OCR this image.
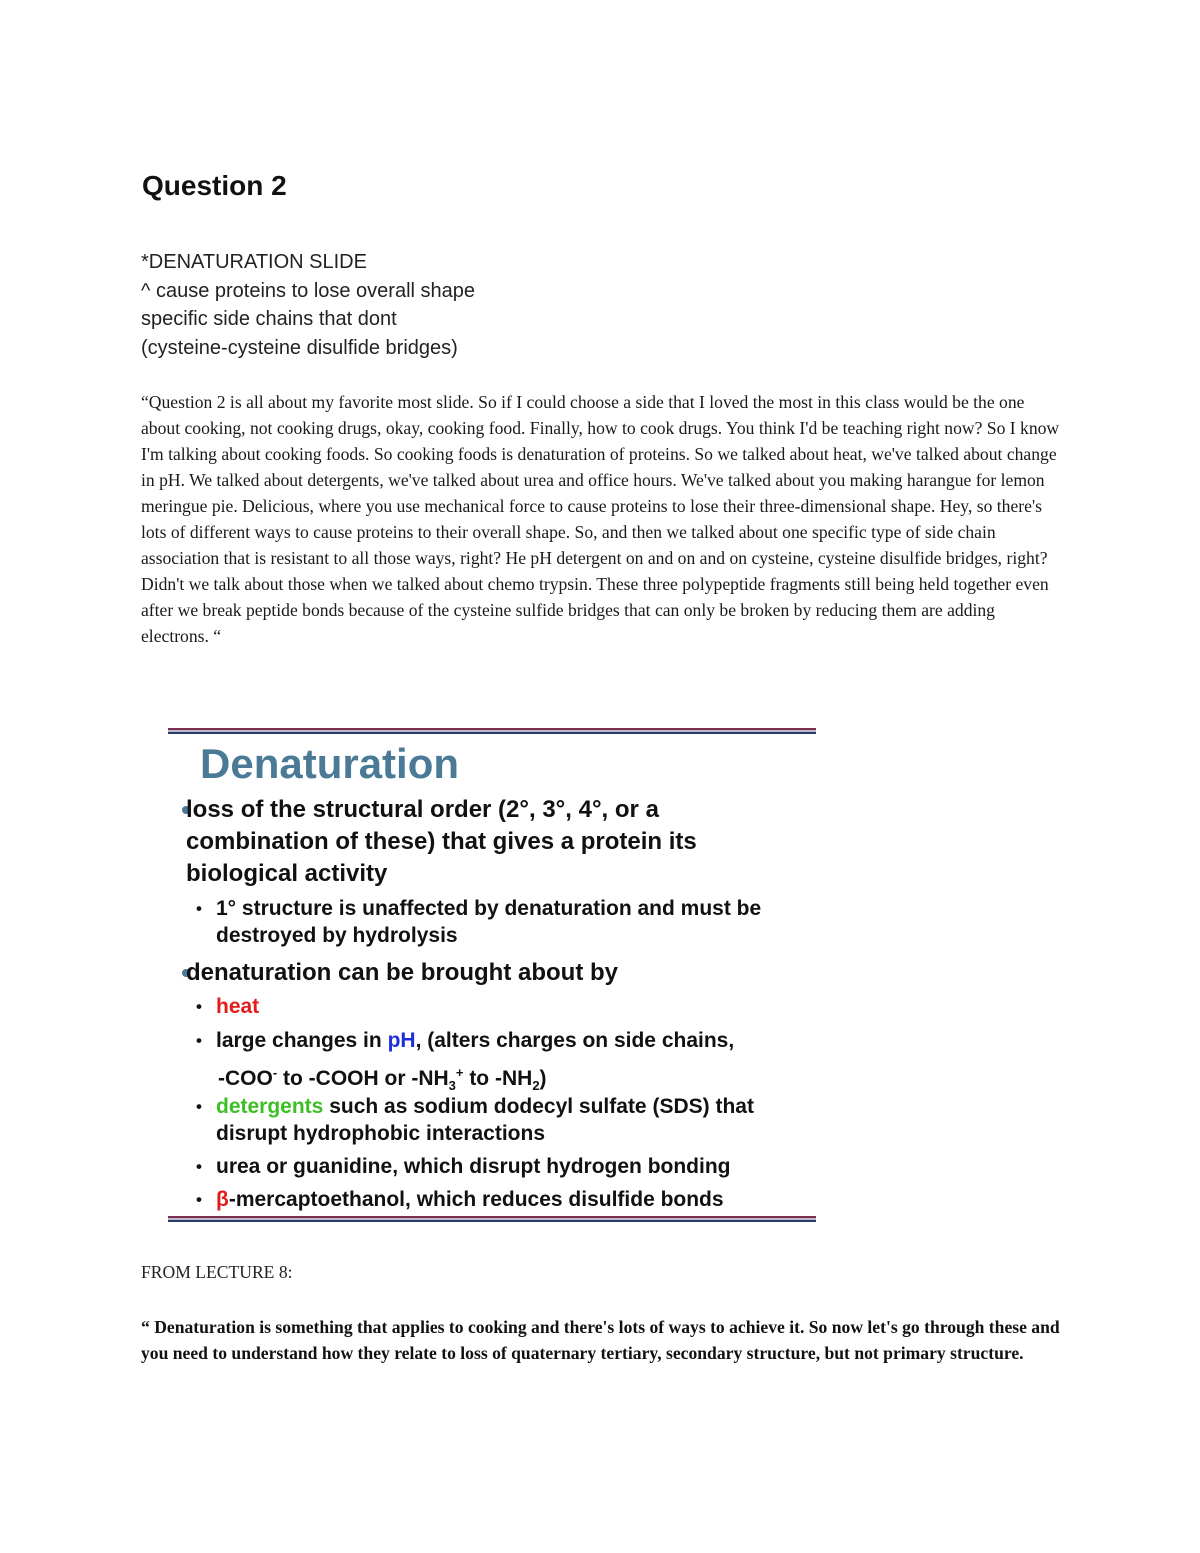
Question 2
*DENATURATION SLIDE
^ cause proteins to lose overall shape
specific side chains that dont
(cysteine-cysteine disulfide bridges)

“Question 2 is all about my favorite most slide. So if I could choose a side that I loved the most in this class would be the one about cooking, not cooking drugs, okay, cooking food. Finally, how to cook drugs. You think I'd be teaching right now? So I know I'm talking about cooking foods. So cooking foods is denaturation of proteins. So we talked about heat, we've talked about change in pH. We talked about detergents, we've talked about urea and office hours. We've talked about you making harangue for lemon meringue pie. Delicious, where you use mechanical force to cause proteins to lose their three-dimensional shape. Hey, so there's lots of different ways to cause proteins to their overall shape. So, and then we talked about one specific type of side chain association that is resistant to all those ways, right? He pH detergent on and on and on cysteine, cysteine disulfide bridges, right? Didn't we talk about those when we talked about chemo trypsin. These three polypeptide fragments still being held together even after we break peptide bonds because of the cysteine sulfide bridges that can only be broken by reducing them are adding electrons. “

Denaturation
loss of the structural order (2°, 3°, 4°, or a
combination of these) that gives a protein its
biological activity
• 1° structure is unaffected by denaturation and must be
destroyed by hydrolysis
denaturation can be brought about by
• heat
• large changes in pH, (alters charges on side chains,
-COO- to -COOH or $-NH_3^+$ to $-NH_2$)
• detergents such as sodium dodecyl sulfate (SDS) that
disrupt hydrophobic interactions
• urea or guanidine, which disrupt hydrogen bonding
• β-mercaptoethanol, which reduces disulfide bonds

FROM LECTURE 8:

“ Denaturation is something that applies to cooking and there's lots of ways to achieve it. So now let's go through these and you need to understand how they relate to loss of quaternary tertiary, secondary structure, but not primary structure.
